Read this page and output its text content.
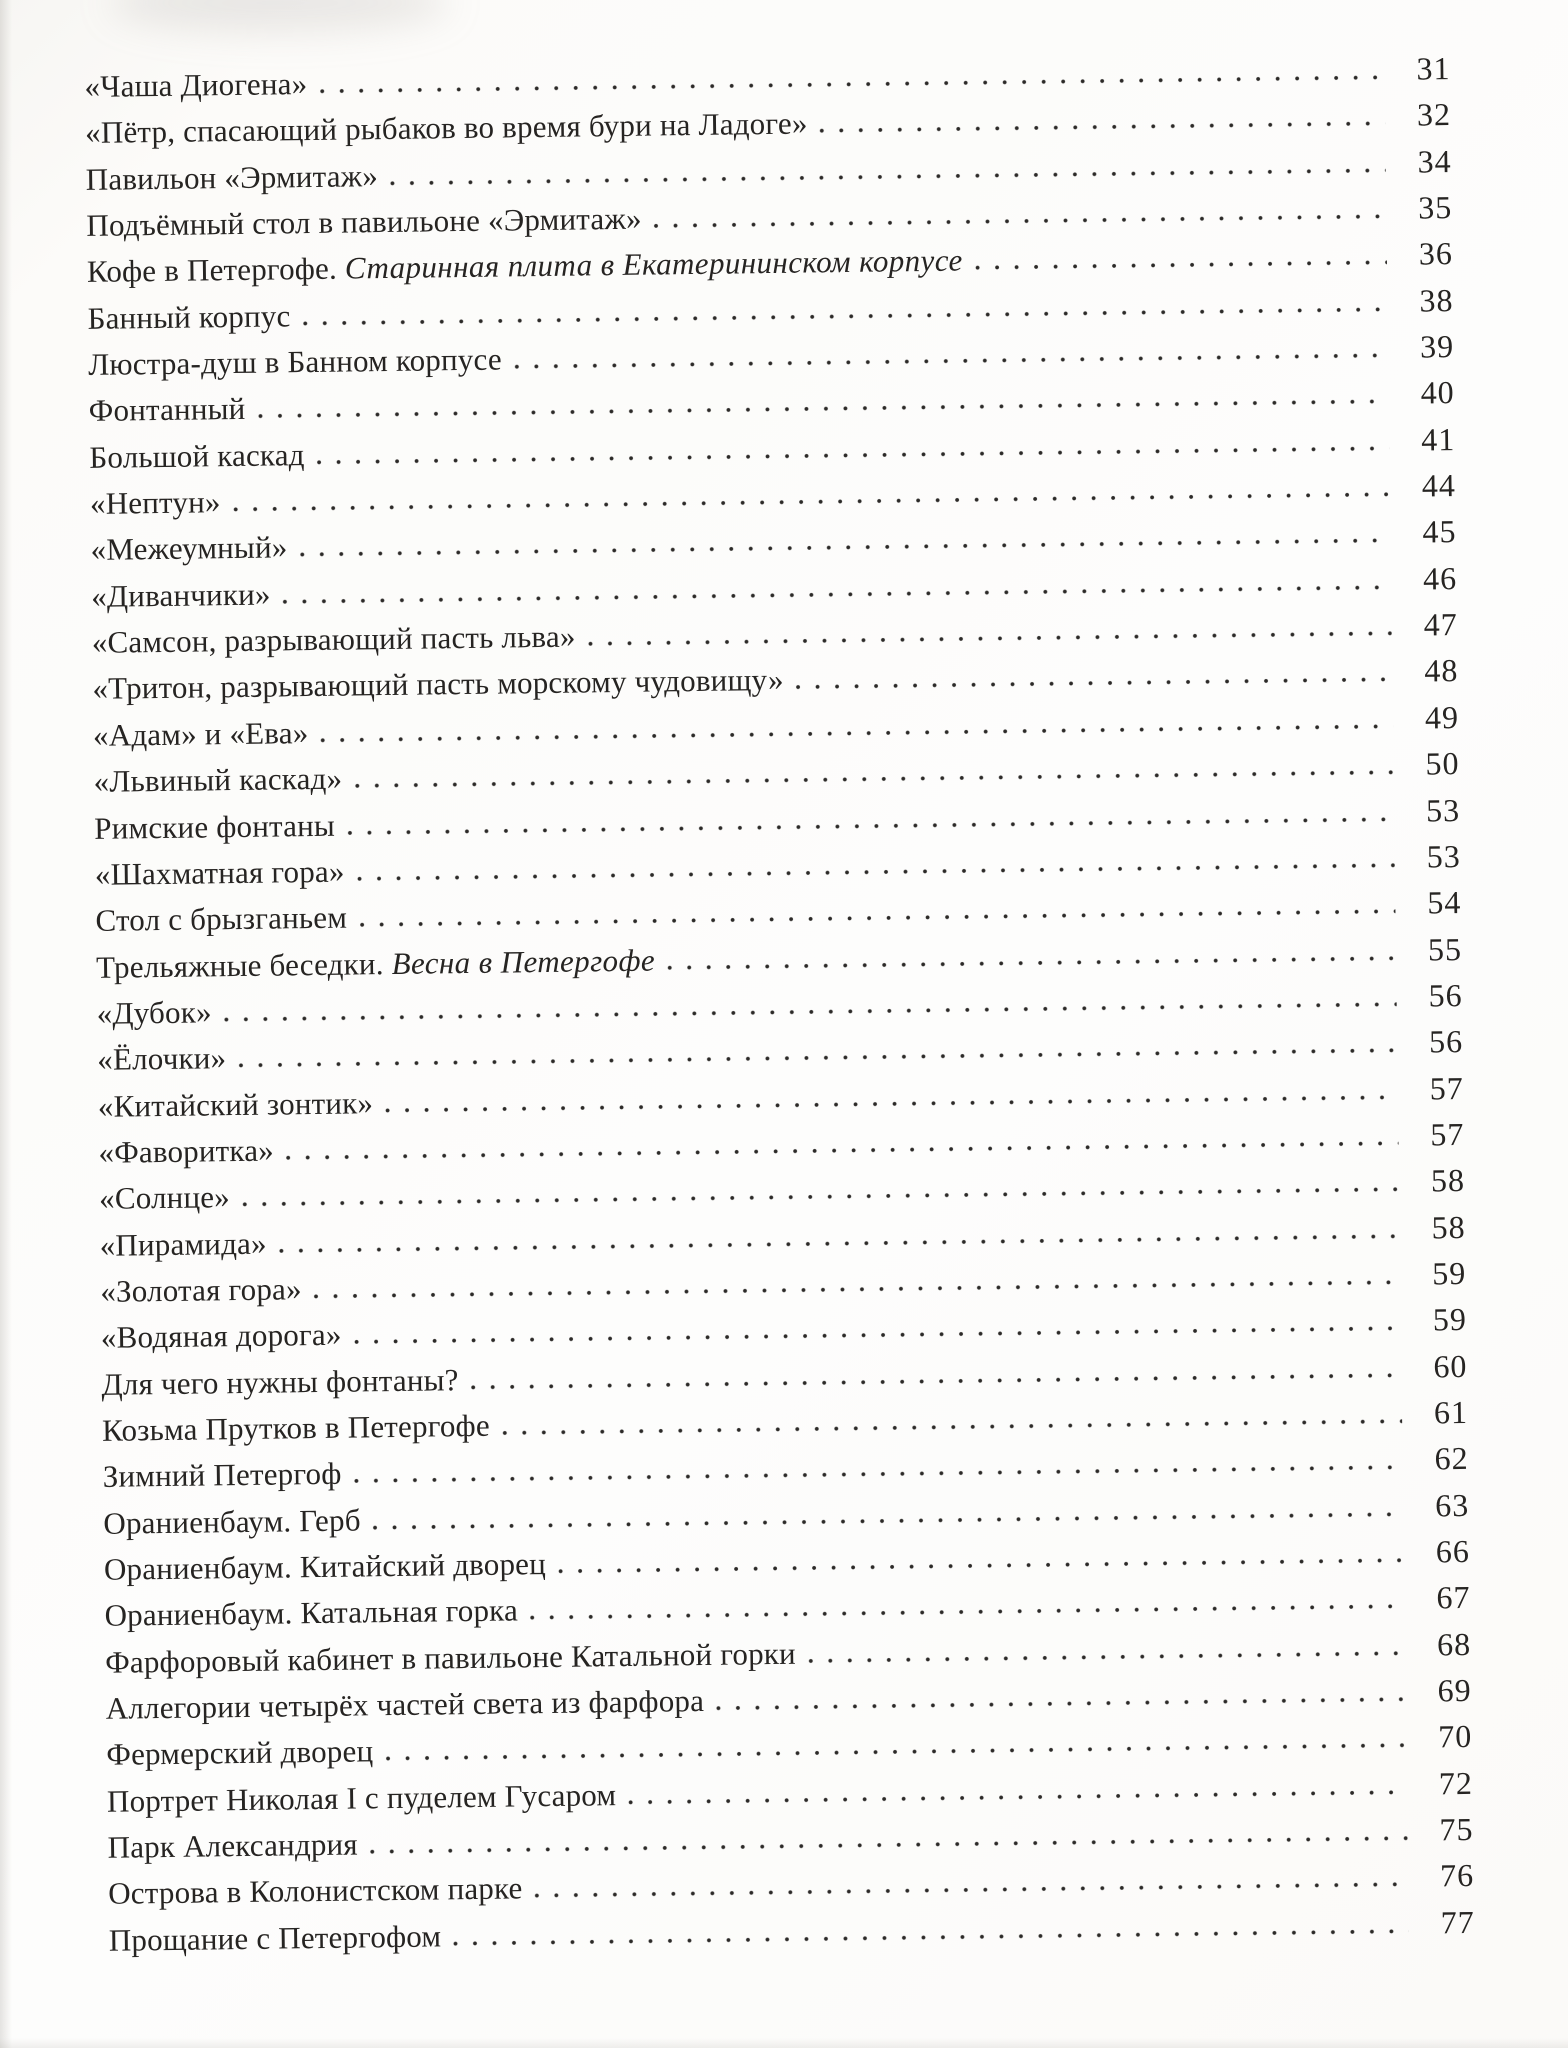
«Чаша Диогена»	31
«Пётр, спасающий рыбаков во время бури на Ладоге»	32
Павильон «Эрмитаж»	34
Подъёмный стол в павильоне «Эрмитаж»	35
Кофе в Петергофе. Старинная плита в Екатерининском корпусе	36
Банный корпус	38
Люстра-душ в Банном корпусе	39
Фонтанный	40
Большой каскад	41
«Нептун»	44
«Межеумный»	45
«Диванчики»	46
«Самсон, разрывающий пасть льва»	47
«Тритон, разрывающий пасть морскому чудовищу»	48
«Адам» и «Ева»	49
«Львиный каскад»	50
Римские фонтаны	53
«Шахматная гора»	53
Стол с брызганьем	54
Трельяжные беседки. Весна в Петергофе	55
«Дубок»	56
«Ёлочки»	56
«Китайский зонтик»	57
«Фаворитка»	57
«Солнце»	58
«Пирамида»	58
«Золотая гора»	59
«Водяная дорога»	59
Для чего нужны фонтаны?	60
Козьма Прутков в Петергофе	61
Зимний Петергоф	62
Ораниенбаум. Герб	63
Ораниенбаум. Китайский дворец	66
Ораниенбаум. Катальная горка	67
Фарфоровый кабинет в павильоне Катальной горки	68
Аллегории четырёх частей света из фарфора	69
Фермерский дворец	70
Портрет Николая I с пуделем Гусаром	72
Парк Александрия	75
Острова в Колонистском парке	76
Прощание с Петергофом	77
